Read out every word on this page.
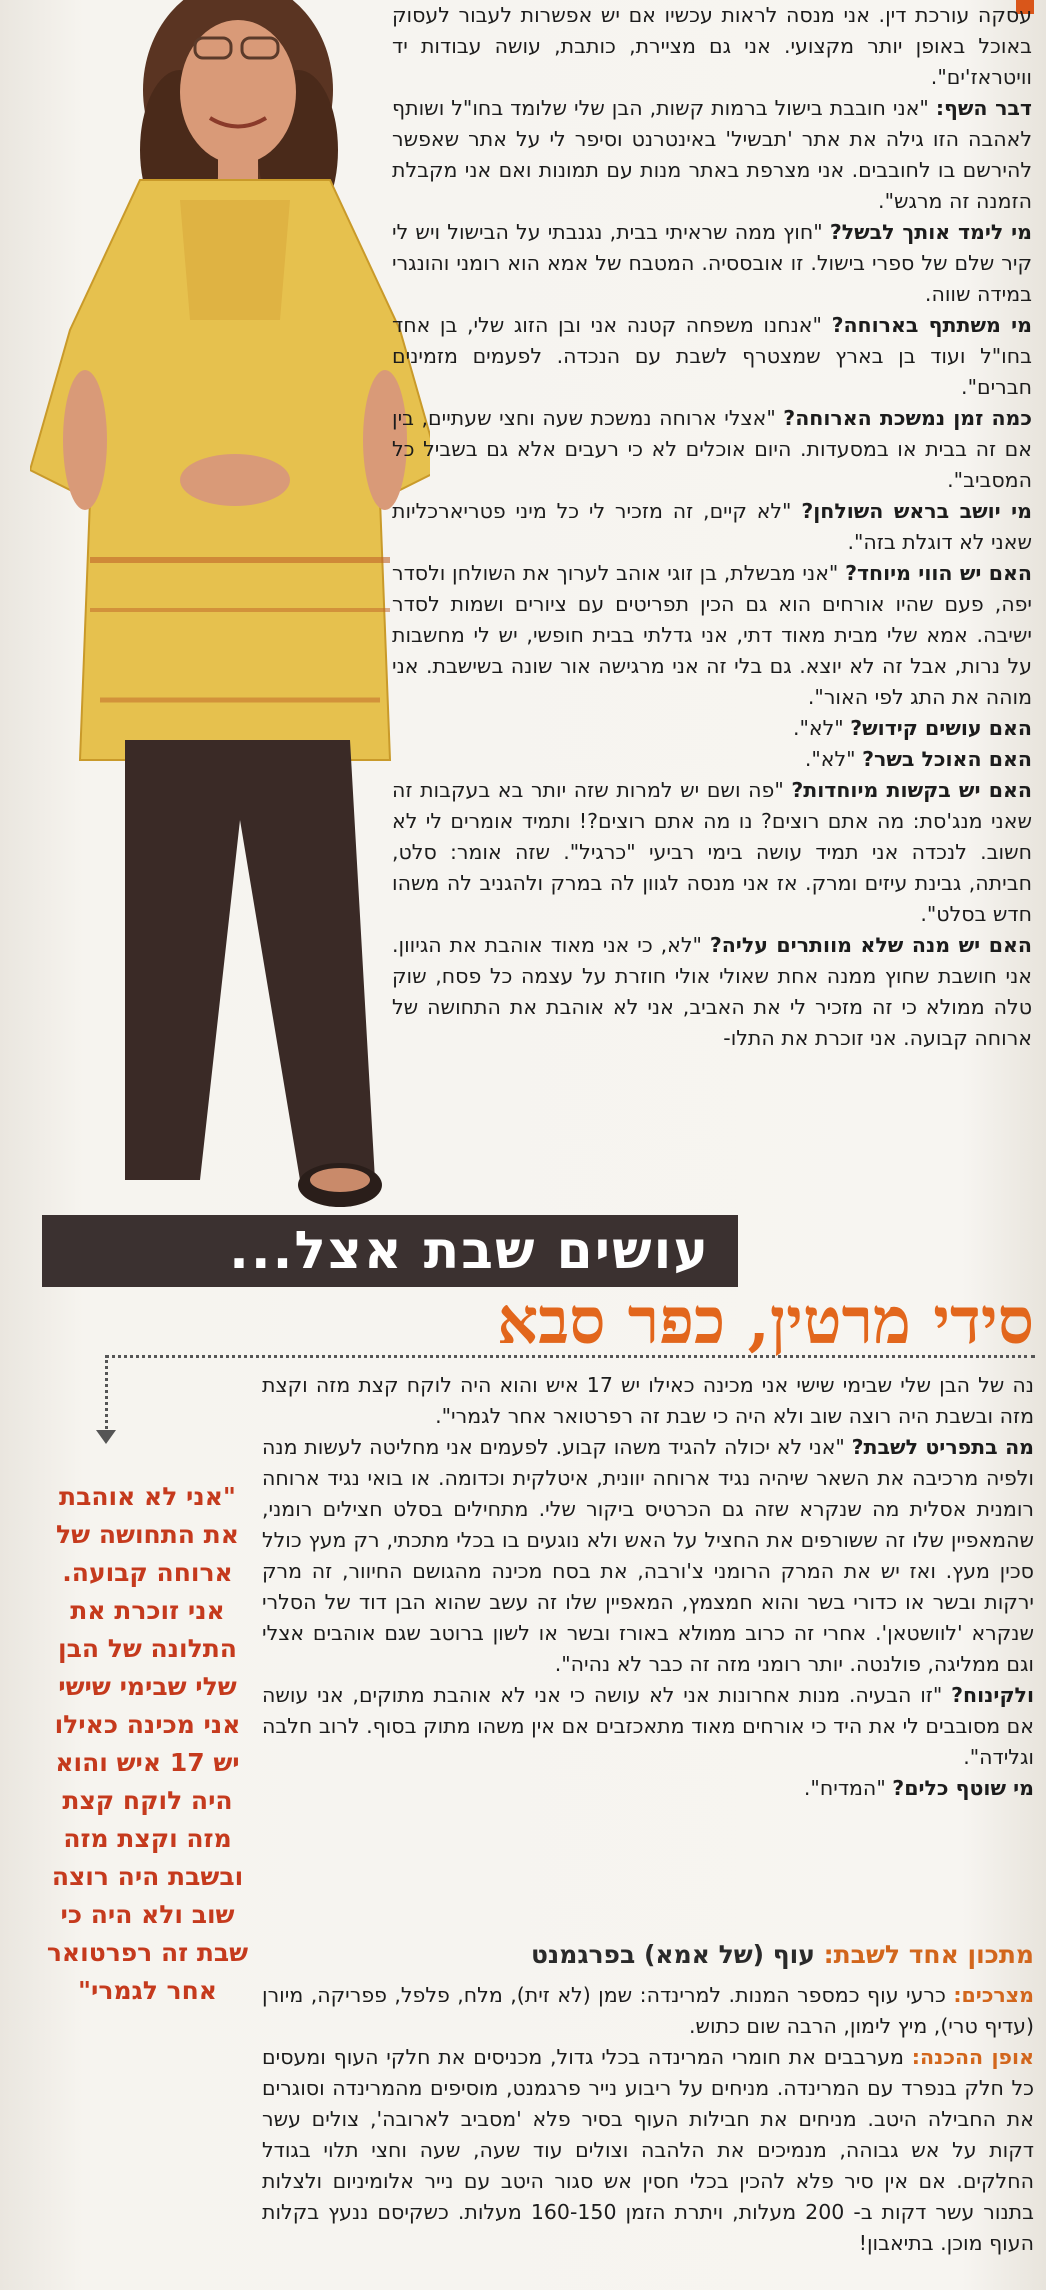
עסקה עורכת דין. אני מנסה לראות עכשיו אם יש אפשרות לעבור לעסוק באוכל באופן יותר מקצועי. אני גם מציירת, כותבת, עושה עבודות יד וויטראז'ים".

דבר השף: "אני חובבת בישול ברמות קשות, הבן שלי שלומד בחו"ל ושותף לאהבה הזו גילה את אתר 'תבשיל' באינטרנט וסיפר לי על אתר שאפשר להירשם בו לחובבים. אני מצרפת באתר מנות עם תמונות ואם אני מקבלת הזמנה זה מרגש".

מי לימד אותך לבשל? "חוץ ממה שראיתי בבית, נגנבתי על הבישול ויש לי קיר שלם של ספרי בישול. זו אובססיה. המטבח של אמא הוא רומני והונגרי במידה שווה.

מי משתתף בארוחה? "אנחנו משפחה קטנה אני ובן הזוג שלי, בן אחד בחו"ל ועוד בן בארץ שמצטרף לשבת עם הנכדה. לפעמים מזמינים חברים".

כמה זמן נמשכת הארוחה? "אצלי ארוחה נמשכת שעה וחצי שעתיים, בין אם זה בבית או במסעדות. היום אוכלים לא כי רעבים אלא גם בשביל כל המסביב".

מי יושב בראש השולחן? "לא קיים, זה מזכיר לי כל מיני פטריארכליות שאני לא דוגלת בזה".

האם יש הווי מיוחד? "אני מבשלת, בן זוגי אוהב לערוך את השולחן ולסדר יפה, פעם שהיו אורחים הוא גם הכין תפריטים עם ציורים ושמות לסדר ישיבה. אמא שלי מבית מאוד דתי, אני גדלתי בבית חופשי, יש לי מחשבות על נרות, אבל זה לא יוצא. גם בלי זה אני מרגישה אור שונה בשישבת. אני מוהה את התג לפי האור".

האם עושים קידוש? "לא".

האם האוכל בשר? "לא".

האם יש בקשות מיוחדות? "פה ושם יש למרות שזה יותר בא בעקבות זה שאני מנג'סת: מה אתם רוצים? נו מה אתם רוצים?! ותמיד אומרים לי לא חשוב. לנכדה אני תמיד עושה בימי רביעי "כרגיל". שזה אומר: סלט, חביתה, גבינת עיזים ומרק. אז אני מנסה לגוון לה במרק ולהגניב לה משהו חדש בסלט".

האם יש מנה שלא מוותרים עליה? "לא, כי אני מאוד אוהבת את הגיוון. אני חושבת שחוץ ממנה אחת שאולי אולי חוזרת על עצמה כל פסח, שוק טלה ממולא כי זה מזכיר לי את האביב, אני לא אוהבת את התחושה של ארוחה קבועה. אני זוכרת את התלו-

עושים שבת אצל...
סידי מרטין, כפר סבא
"אני לא אוהבת את התחושה של ארוחה קבועה. אני זוכרת את התלונה של הבן שלי שבימי שישי אני מכינה כאילו יש 17 איש והוא היה לוקח קצת מזה וקצת מזה ובשבת היה רוצה שוב ולא היה כי שבת זה רפרטואר אחר לגמרי"

נה של הבן שלי שבימי שישי אני מכינה כאילו יש 17 איש והוא היה לוקח קצת מזה וקצת מזה ובשבת היה רוצה שוב ולא היה כי שבת זה רפרטואר אחר לגמרי".

מה בתפריט לשבת? "אני לא יכולה להגיד משהו קבוע. לפעמים אני מחליטה לעשות מנה ולפיה מרכיבה את השאר שיהיה נגיד ארוחה יוונית, איטלקית וכדומה. או בואי נגיד ארוחה רומנית אסלית מה שנקרא שזה גם הכרטיס ביקור שלי. מתחילים בסלט חצילים רומני, שהמאפיין שלו זה ששורפים את החציל על האש ולא נוגעים בו בכלי מתכתי, רק מעץ כולל סכין מעץ. ואז יש את המרק הרומני צ'ורבה, את בסח מכינה מהגושם החיוור, זה מרק ירקות ובשר או כדורי בשר והוא חמצמץ, המאפיין שלו זה עשב שהוא הבן דוד של הסלרי שנקרא 'לוושטאן'. אחרי זה כרוב ממולא באורז ובשר או לשון ברוטב שגם אוהבים אצלי וגם ממליגה, פולנטה. יותר רומני מזה זה כבר לא נהיה".

ולקינוח? "זו הבעיה. מנות אחרונות אני לא עושה כי אני לא אוהבת מתוקים, אני עושה אם מסובבים לי את היד כי אורחים מאוד מתאכזבים אם אין משהו מתוק בסוף. לרוב חלבה וגלידה".

מי שוטף כלים? "המדיח".

מתכון אחד לשבת: עוף (של אמא) בפרגמנט

מצרכים: כרעי עוף כמספר המנות. למרינדה: שמן (לא זית), מלח, פלפל, פפריקה, מיורן (עדיף טרי), מיץ לימון, הרבה שום כתוש.

אופן ההכנה: מערבבים את חומרי המרינדה בכלי גדול, מכניסים את חלקי העוף ומעסים כל חלק בנפרד עם המרינדה. מניחים על ריבוע נייר פרגמנט, מוסיפים מהמרינדה וסוגרים את החבילה היטב. מניחים את חבילות העוף בסיר פלא 'מסביב לארובה', צולים עשר דקות על אש גבוהה, מנמיכים את הלהבה וצולים עוד שעה, שעה וחצי תלוי בגודל החלקים. אם אין סיר פלא להכין בכלי חסין אש סגור היטב עם נייר אלומיניום ולצלות בתנור עשר דקות ב- 200 מעלות, ויתרת הזמן 160-150 מעלות. כשקיסם ננעץ בקלות העוף מוכן. בתיאבון!
